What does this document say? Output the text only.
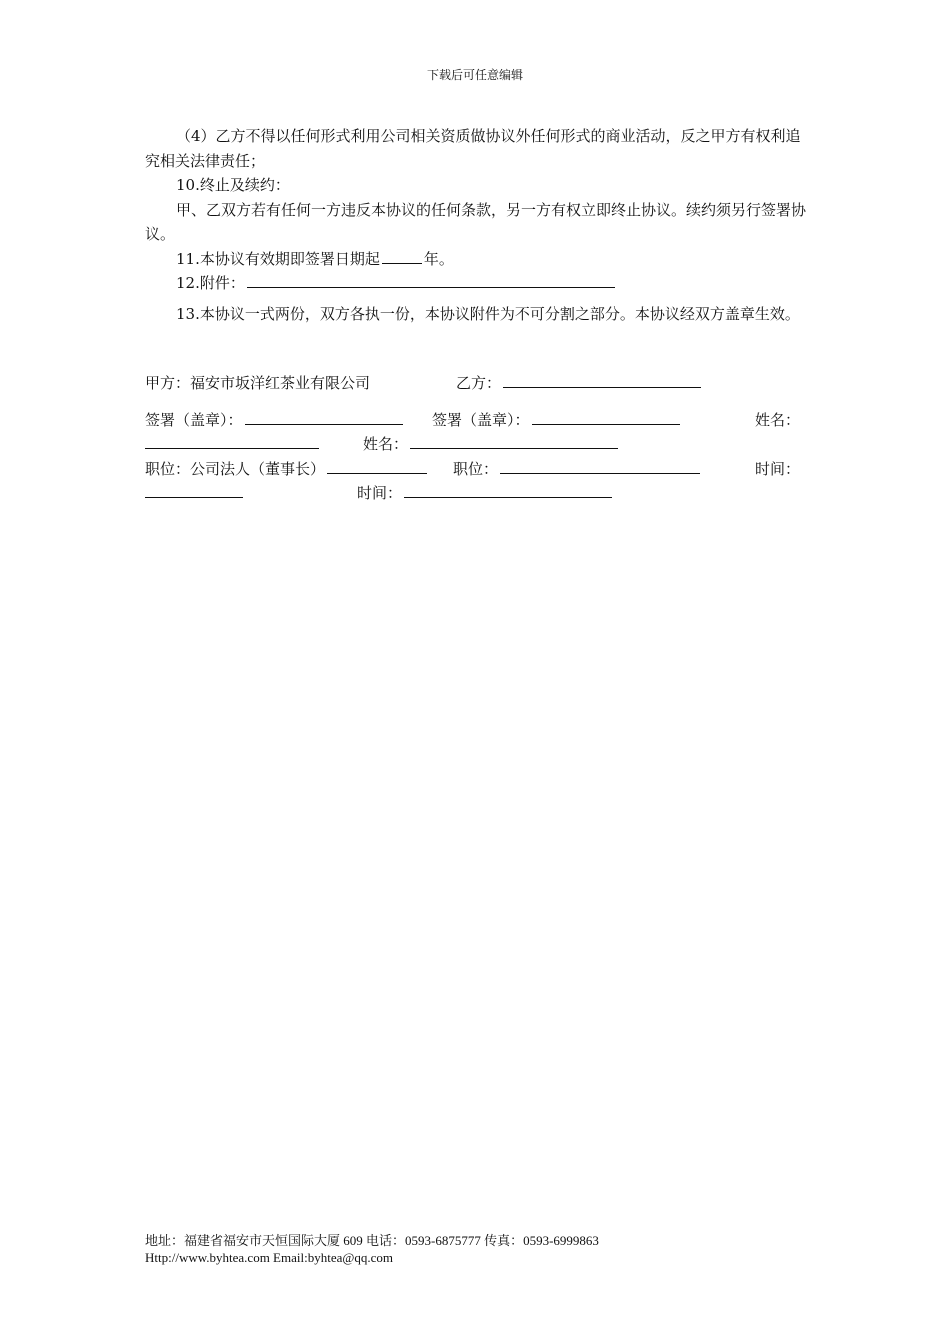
下载后可任意编辑

（4）乙方不得以任何形式利用公司相关资质做协议外任何形式的商业活动，反之甲方有权利追究相关法律责任；

10.终止及续约：

甲、乙双方若有任何一方违反本协议的任何条款，另一方有权立即终止协议。续约须另行签署协议。

11.本协议有效期即签署日期起	年。

12.附件：

13.本协议一式两份，双方各执一份，本协议附件为不可分割之部分。本协议经双方盖章生效。

甲方：福安市坂洋红茶业有限公司	乙方：
签署（盖章）：	签署（盖章）：	姓名：
姓名：
职位：公司法人（董事长）	职位：	时间：
时间：
地址：福建省福安市天恒国际大厦 609 电话：0593-6875777 传真：0593-6999863
Http://www.byhtea.com Email:byhtea@qq.com
